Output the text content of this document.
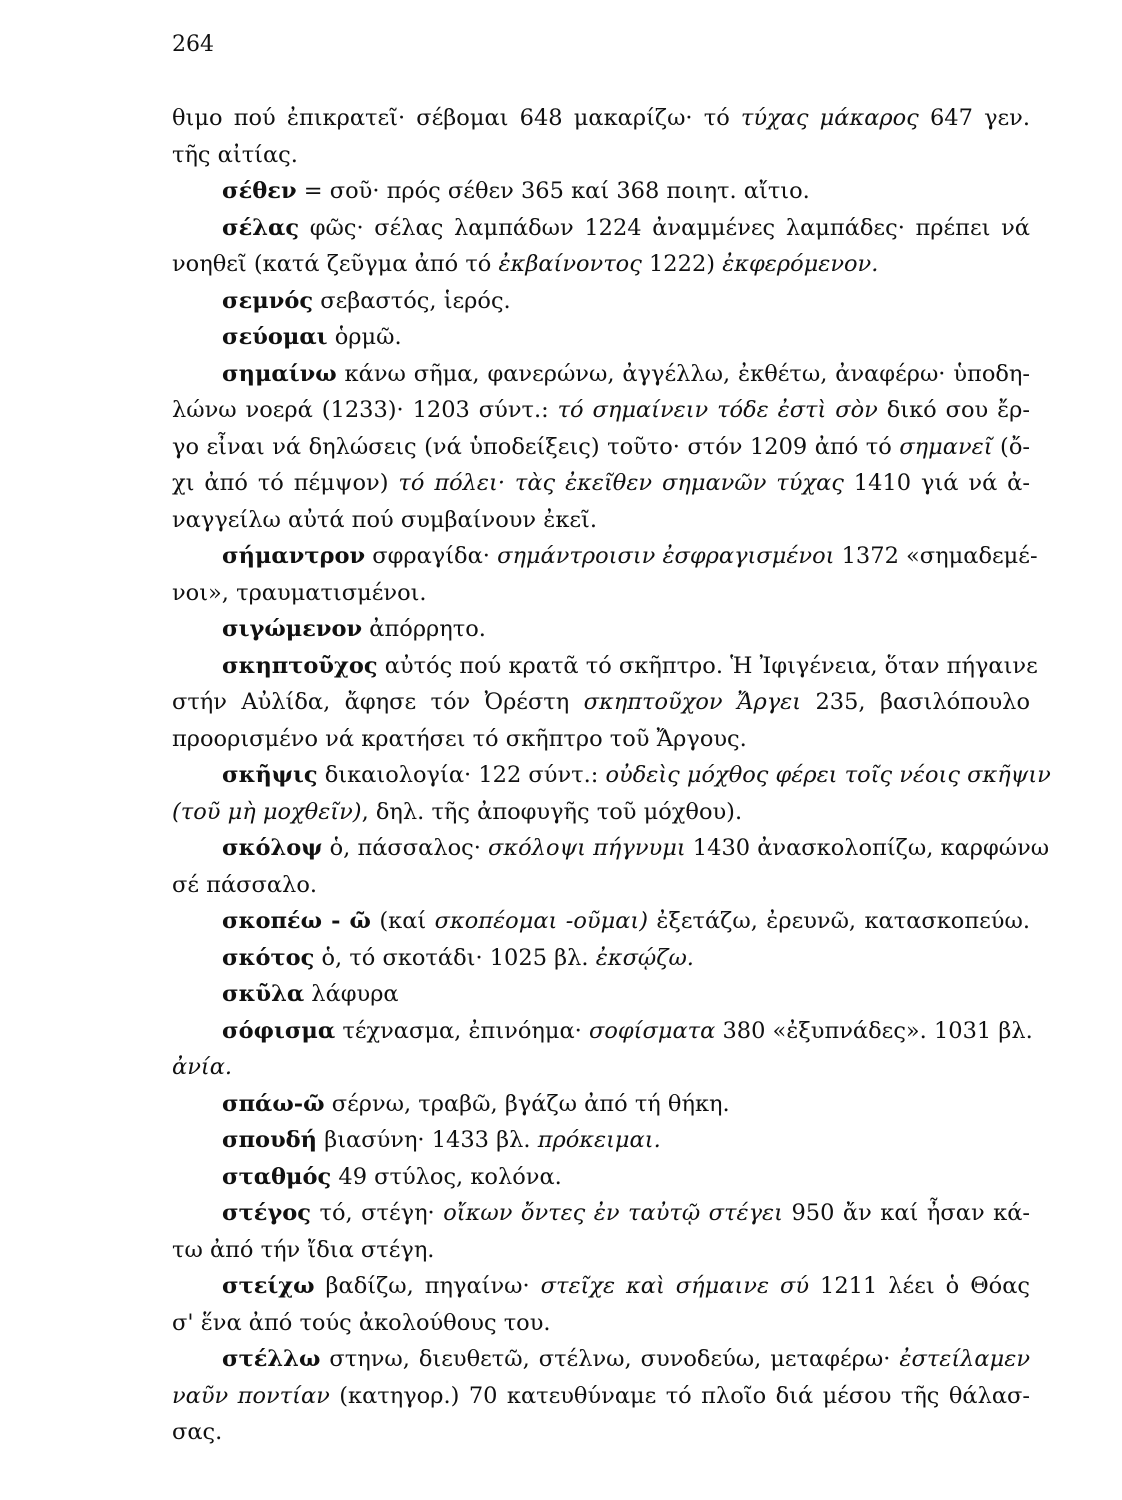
264
θιμο πού ἐπικρατεῖ· σέβομαι 648 μακαρίζω· τό τύχας μάκαρος 647 γεν.
τῆς αἰτίας.
σέθεν = σοῦ· πρός σέθεν 365 καί 368 ποιητ. αἴτιο.
σέλας φῶς· σέλας λαμπάδων 1224 ἀναμμένες λαμπάδες· πρέπει νά
νοηθεῖ (κατά ζεῦγμα ἀπό τό ἐκβαίνοντος 1222) ἐκφερόμενον.
σεμνός σεβαστός, ἱερός.
σεύομαι ὁρμῶ.
σημαίνω κάνω σῆμα, φανερώνω, ἀγγέλλω, ἐκθέτω, ἀναφέρω· ὑποδη-
λώνω νοερά (1233)· 1203 σύντ.: τό σημαίνειν τόδε ἐστὶ σὸν δικό σου ἔρ-
γο εἶναι νά δηλώσεις (νά ὑποδείξεις) τοῦτο· στόν 1209 ἀπό τό σημανεῖ (ὄ-
χι ἀπό τό πέμψον) τό πόλει· τὰς ἐκεῖθεν σημανῶν τύχας 1410 γιά νά ἀ-
ναγγείλω αὐτά πού συμβαίνουν ἐκεῖ.
σήμαντρον σφραγίδα· σημάντροισιν ἐσφραγισμένοι 1372 «σημαδεμέ-
νοι», τραυματισμένοι.
σιγώμενον ἀπόρρητο.
σκηπτοῦχος αὐτός πού κρατᾶ τό σκῆπτρο. Ἡ Ἰφιγένεια, ὅταν πήγαινε
στήν Αὐλίδα, ἄφησε τόν Ὀρέστη σκηπτοῦχον Ἄργει 235, βασιλόπουλο
προορισμένο νά κρατήσει τό σκῆπτρο τοῦ Ἄργους.
σκῆψις δικαιολογία· 122 σύντ.: οὐδεὶς μόχθος φέρει τοῖς νέοις σκῆψιν
(τοῦ μὴ μοχθεῖν) , δηλ. τῆς ἀποφυγῆς τοῦ μόχθου).
σκόλοψ ὁ, πάσσαλος· σκόλοψι πήγνυμι 1430 ἀνασκολοπίζω, καρφώνω
σέ πάσσαλο.
σκοπέω - ῶ (καί σκοπέομαι -οῦμαι) ἐξετάζω, ἐρευνῶ, κατασκοπεύω.
σκότος ὁ, τό σκοτάδι· 1025 βλ. ἐκσῴζω.
σκῦλα λάφυρα
σόφισμα τέχνασμα, ἐπινόημα· σοφίσματα 380 «ἐξυπνάδες». 1031 βλ.
ἀνία.
σπάω-ῶ σέρνω, τραβῶ, βγάζω ἀπό τή θήκη.
σπουδή βιασύνη· 1433 βλ. πρόκειμαι.
σταθμός 49 στύλος, κολόνα.
στέγος τό, στέγη· οἴκων ὄντες ἐν ταὐτῷ στέγει 950 ἄν καί ἦσαν κά-
τω ἀπό τήν ἴδια στέγη.
στείχω βαδίζω, πηγαίνω· στεῖχε καὶ σήμαινε σύ 1211 λέει ὁ Θόας
σ' ἕνα ἀπό τούς ἀκολούθους του.
στέλλω στηνω, διευθετῶ, στέλνω, συνοδεύω, μεταφέρω· ἐστείλαμεν
ναῦν ποντίαν (κατηγορ.) 70 κατευθύναμε τό πλοῖο διά μέσου τῆς θάλασ-
σας.
